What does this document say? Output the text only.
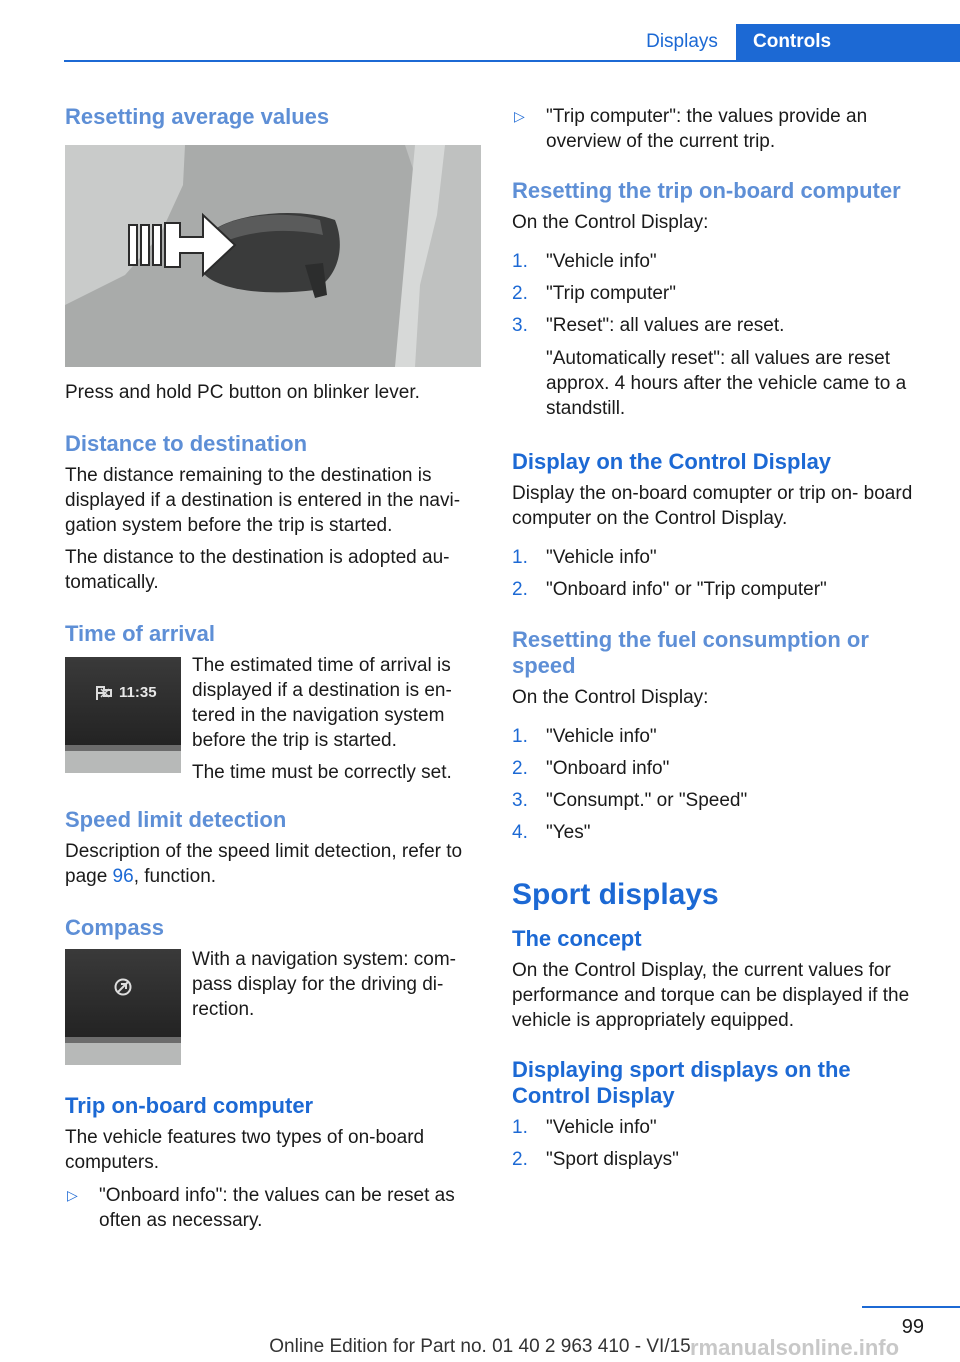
Displays	Controls
Resetting average values
Press and hold PC button on blinker lever.
Distance to destination
The distance remaining to the destination is displayed if a destination is entered in the navi‐ gation system before the trip is started.
The distance to the destination is adopted au‐ tomatically.
Time of arrival
11:35
The estimated time of arrival is displayed if a destination is en‐ tered in the navigation system before the trip is started.
The time must be correctly set.
Speed limit detection
Description of the speed limit detection, refer to page 96, function.
Compass
With a navigation system: com‐ pass display for the driving di‐ rection.
Trip on-board computer
The vehicle features two types of on-board computers.
▷ "Onboard info": the values can be reset as often as necessary.
▷ "Trip computer": the values provide an overview of the current trip.
Resetting the trip on-board computer
On the Control Display:
1. "Vehicle info"
2. "Trip computer"
3. "Reset": all values are reset.
"Automatically reset": all values are reset approx. 4 hours after the vehicle came to a standstill.
Display on the Control Display
Display the on-board comupter or trip on- board computer on the Control Display.
1. "Vehicle info"
2. "Onboard info" or "Trip computer"
Resetting the fuel consumption or speed
On the Control Display:
1. "Vehicle info"
2. "Onboard info"
3. "Consumpt." or "Speed"
4. "Yes"
Sport displays
The concept
On the Control Display, the current values for performance and torque can be displayed if the vehicle is appropriately equipped.
Displaying sport displays on the Control Display
1. "Vehicle info"
2. "Sport displays"
99
rmanualsonline.info
Online Edition for Part no. 01 40 2 963 410 - VI/15
